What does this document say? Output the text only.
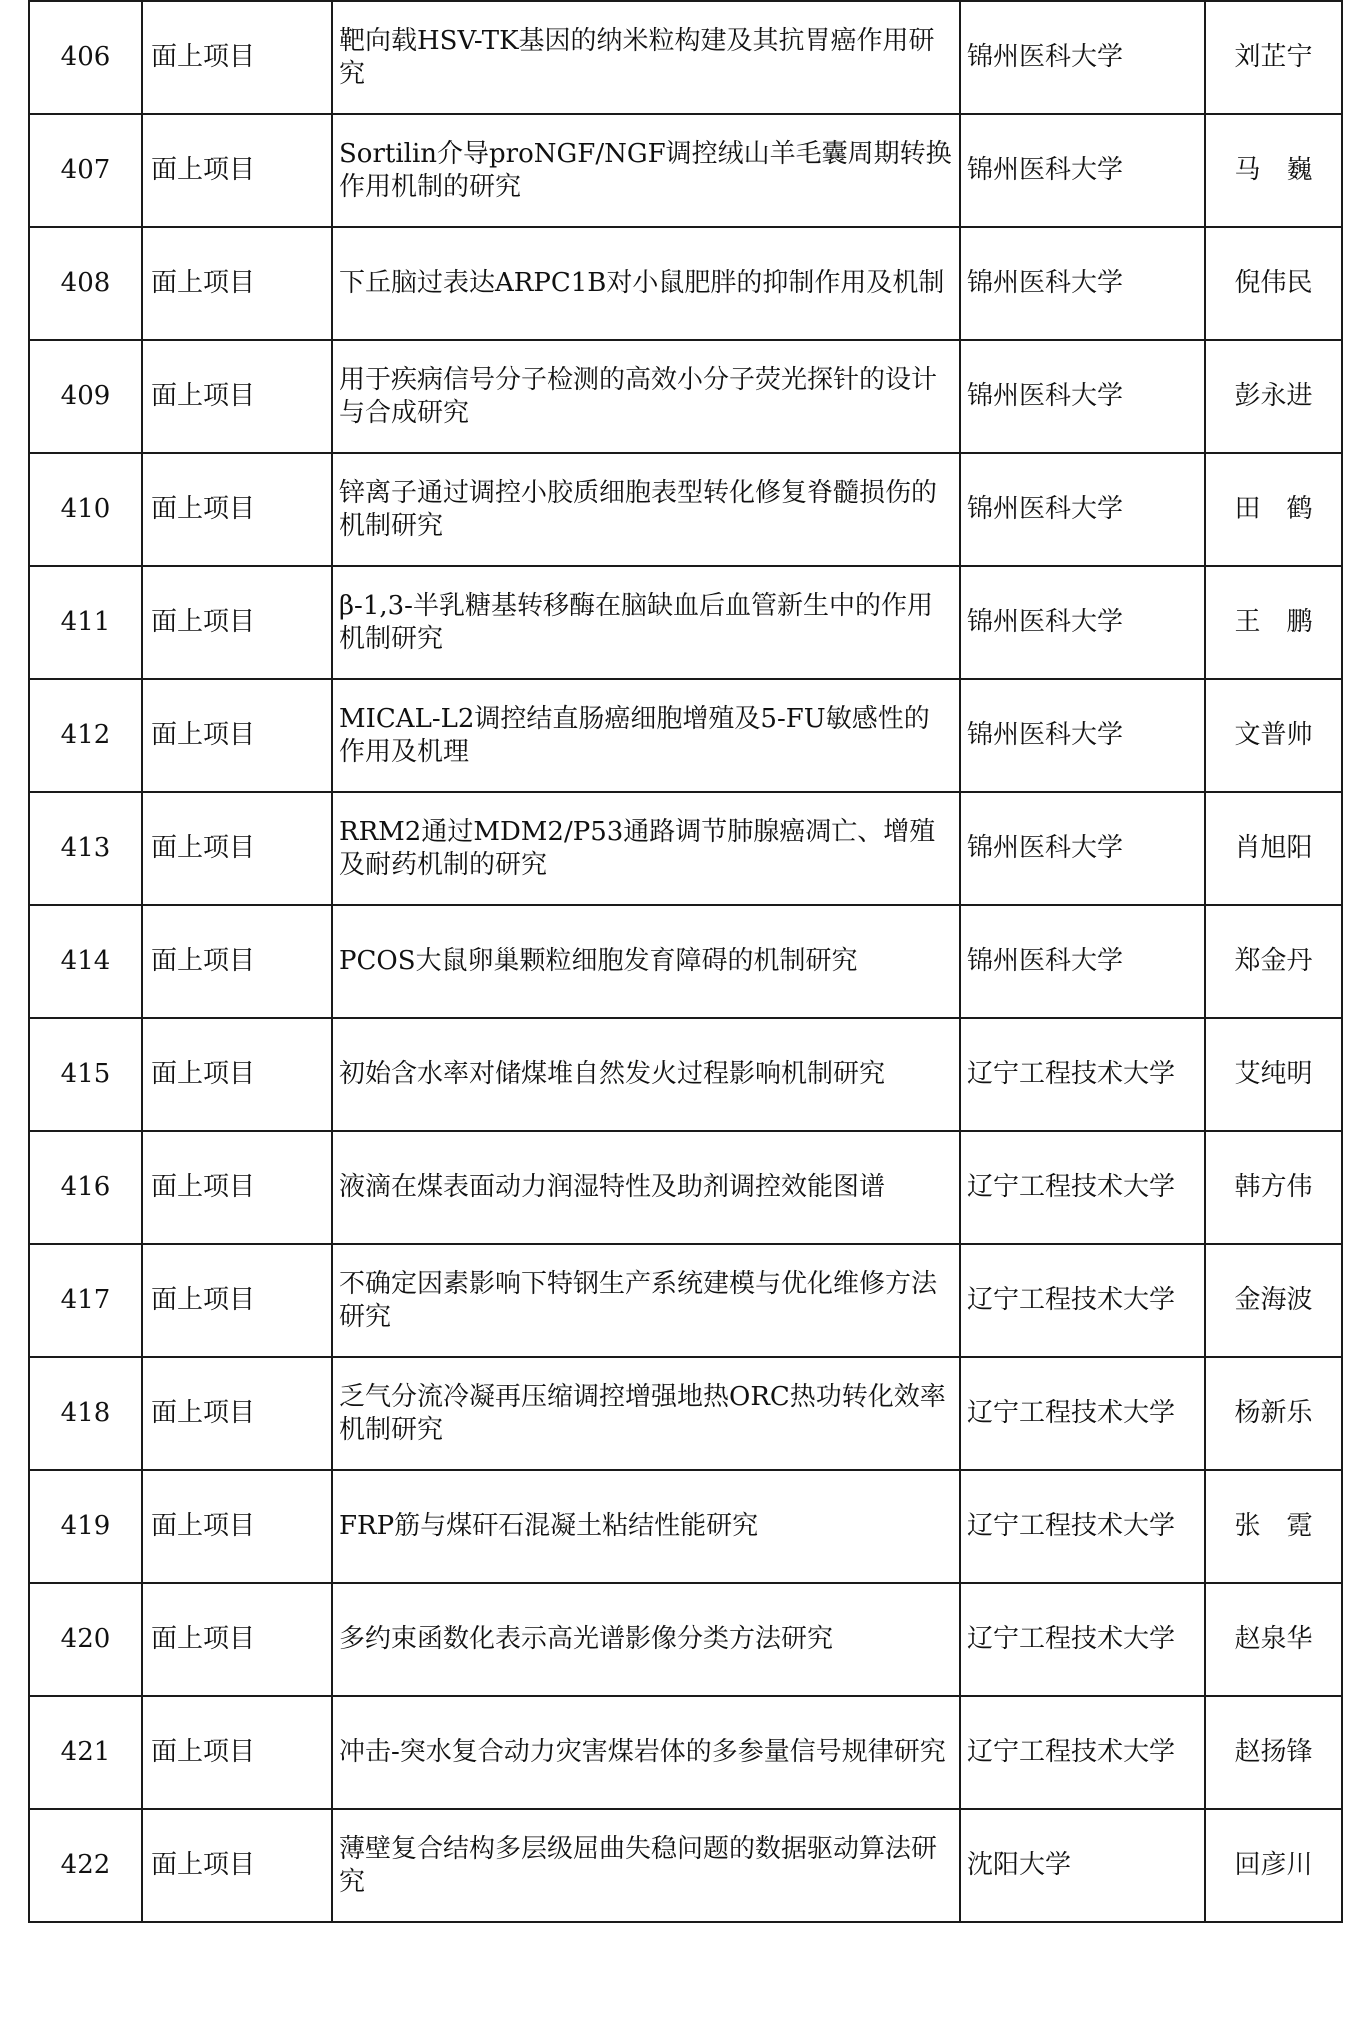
406	面上项目	靶向载HSV-TK基因的纳米粒构建及其抗胃癌作用研究	锦州医科大学	刘芷宁
407	面上项目	Sortilin介导proNGF/NGF调控绒山羊毛囊周期转换作用机制的研究	锦州医科大学	马　巍
408	面上项目	下丘脑过表达ARPC1B对小鼠肥胖的抑制作用及机制	锦州医科大学	倪伟民
409	面上项目	用于疾病信号分子检测的高效小分子荧光探针的设计与合成研究	锦州医科大学	彭永进
410	面上项目	锌离子通过调控小胶质细胞表型转化修复脊髓损伤的机制研究	锦州医科大学	田　鹤
411	面上项目	β-1,3-半乳糖基转移酶在脑缺血后血管新生中的作用机制研究	锦州医科大学	王　鹏
412	面上项目	MICAL-L2调控结直肠癌细胞增殖及5-FU敏感性的作用及机理	锦州医科大学	文普帅
413	面上项目	RRM2通过MDM2/P53通路调节肺腺癌凋亡、增殖及耐药机制的研究	锦州医科大学	肖旭阳
414	面上项目	PCOS大鼠卵巢颗粒细胞发育障碍的机制研究	锦州医科大学	郑金丹
415	面上项目	初始含水率对储煤堆自然发火过程影响机制研究	辽宁工程技术大学	艾纯明
416	面上项目	液滴在煤表面动力润湿特性及助剂调控效能图谱	辽宁工程技术大学	韩方伟
417	面上项目	不确定因素影响下特钢生产系统建模与优化维修方法研究	辽宁工程技术大学	金海波
418	面上项目	乏气分流冷凝再压缩调控增强地热ORC热功转化效率机制研究	辽宁工程技术大学	杨新乐
419	面上项目	FRP筋与煤矸石混凝土粘结性能研究	辽宁工程技术大学	张　霓
420	面上项目	多约束函数化表示高光谱影像分类方法研究	辽宁工程技术大学	赵泉华
421	面上项目	冲击-突水复合动力灾害煤岩体的多参量信号规律研究	辽宁工程技术大学	赵扬锋
422	面上项目	薄壁复合结构多层级屈曲失稳问题的数据驱动算法研究	沈阳大学	回彦川
